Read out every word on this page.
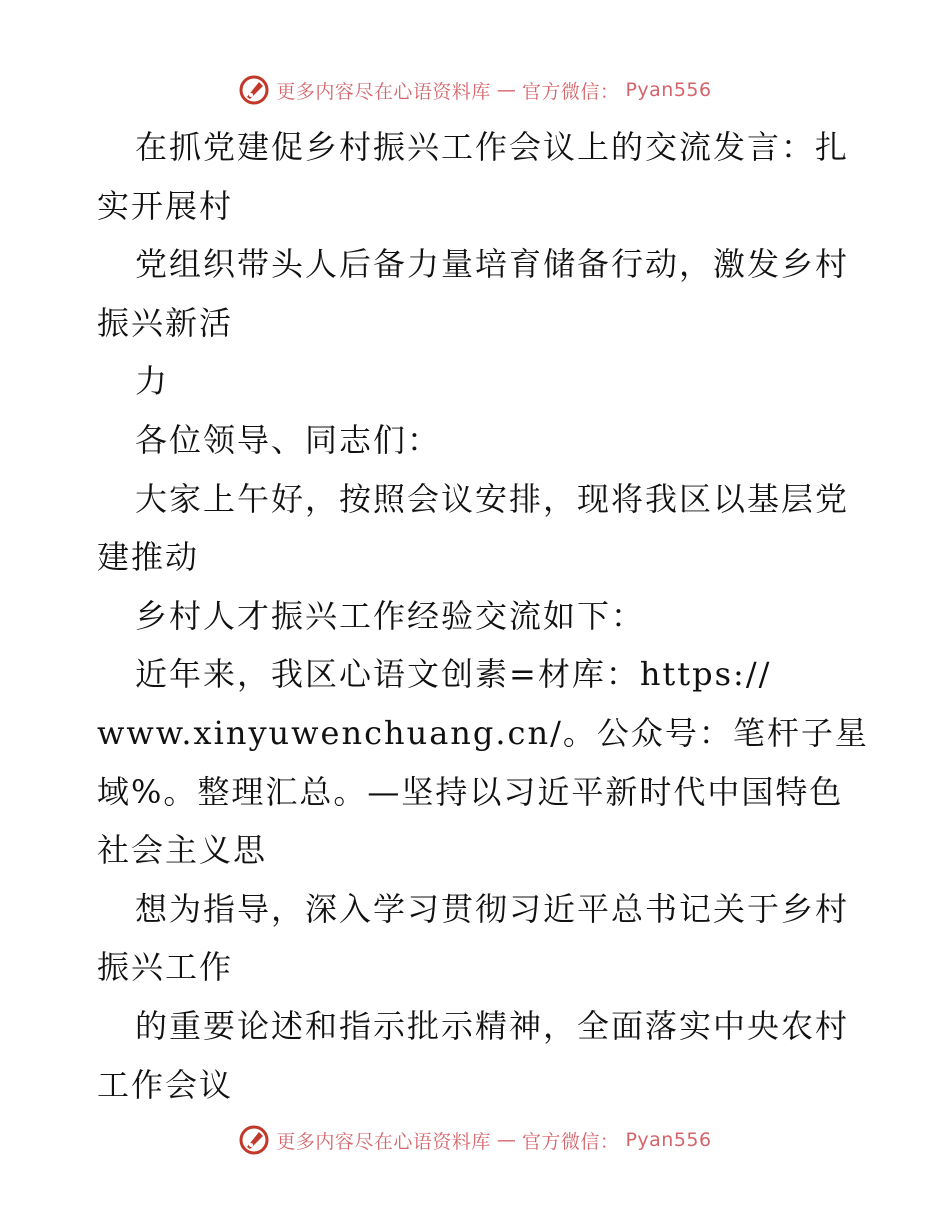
更多内容尽在心语资料库 — 官方微信： Pyan556
在抓党建促乡村振兴工作会议上的交流发言：扎
实开展村
党组织带头人后备力量培育储备行动，激发乡村
振兴新活
力
各位领导、同志们：
大家上午好，按照会议安排，现将我区以基层党
建推动
乡村人才振兴工作经验交流如下：
近年来，我区心语文创素=材库：https://
www.xinyuwenchuang.cn/。公众号：笔杆子星
域%。整理汇总。—坚持以习近平新时代中国特色
社会主义思
想为指导，深入学习贯彻习近平总书记关于乡村
振兴工作
的重要论述和指示批示精神，全面落实中央农村
工作会议
更多内容尽在心语资料库 — 官方微信： Pyan556
